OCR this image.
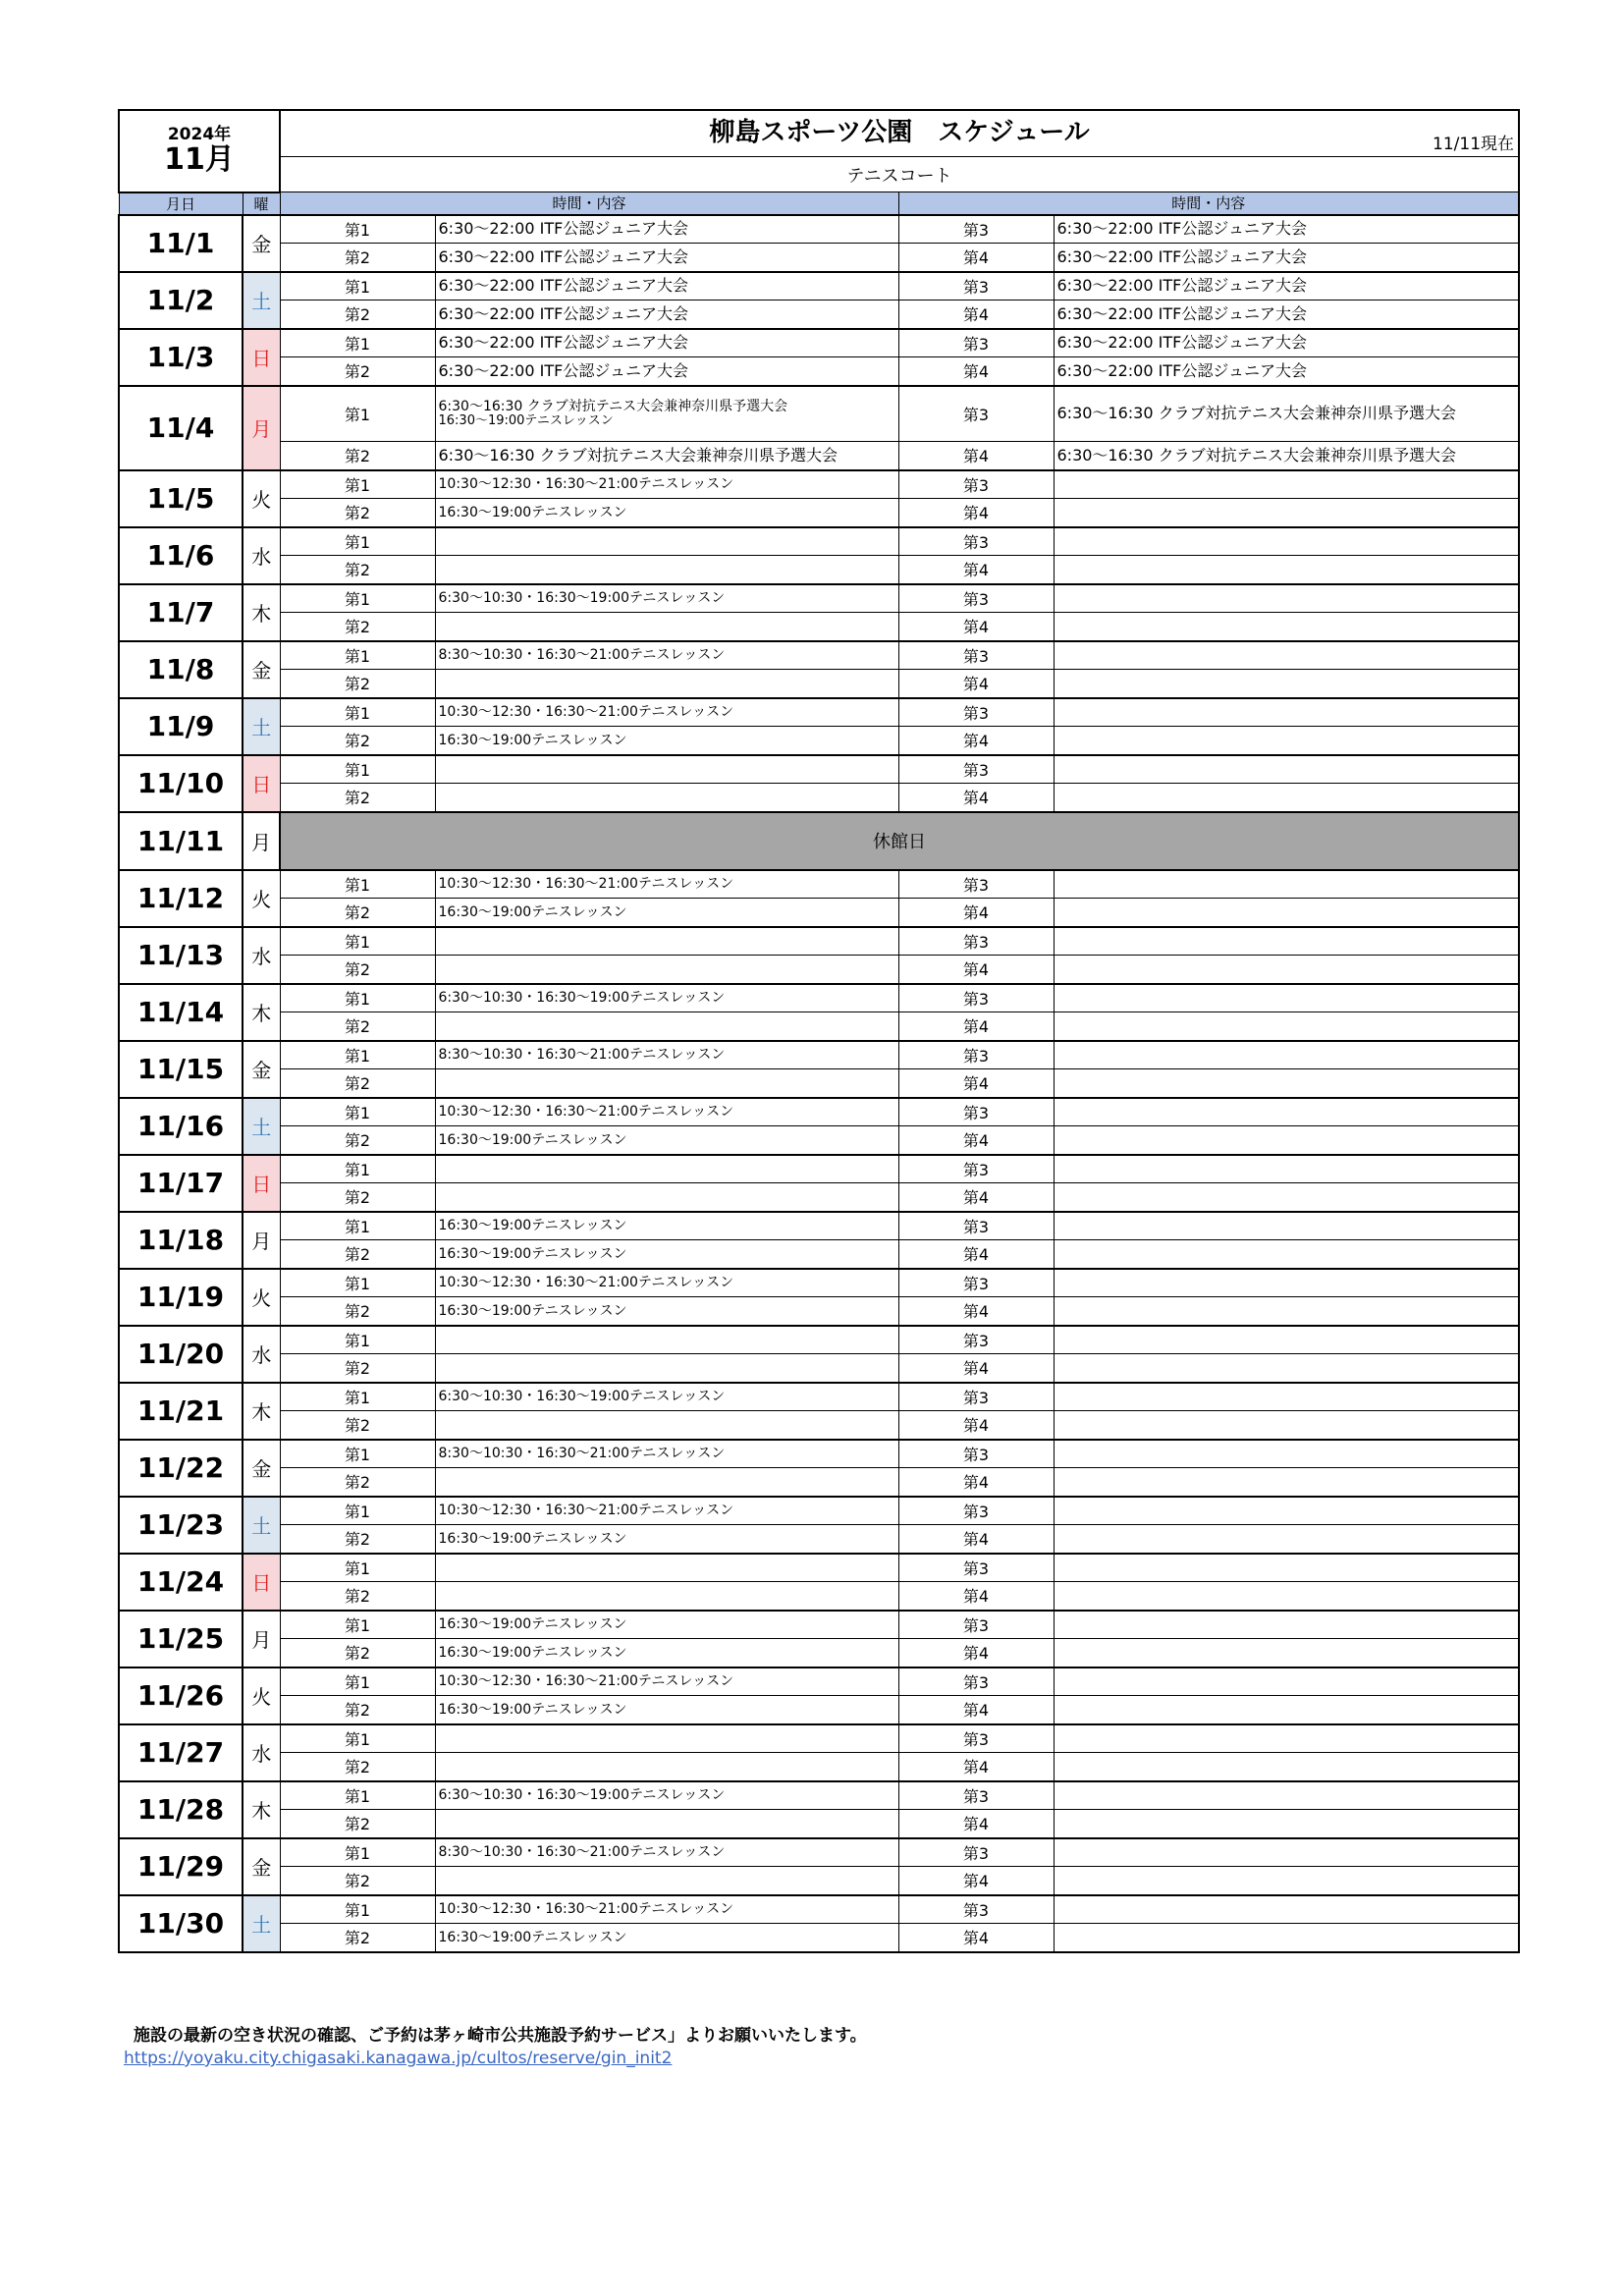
2024年
11月		柳島スポーツ公園　スケジュール 11/11現在			

		テニスコート			
月日	曜	時間・内容		時間・内容	
11/1	金	第1	6:30〜22:00 ITF公認ジュニア大会	第3	6:30〜22:00 ITF公認ジュニア大会
		第2	6:30〜22:00 ITF公認ジュニア大会	第4	6:30〜22:00 ITF公認ジュニア大会
11/2	土	第1	6:30〜22:00 ITF公認ジュニア大会	第3	6:30〜22:00 ITF公認ジュニア大会
		第2	6:30〜22:00 ITF公認ジュニア大会	第4	6:30〜22:00 ITF公認ジュニア大会
11/3	日	第1	6:30〜22:00 ITF公認ジュニア大会	第3	6:30〜22:00 ITF公認ジュニア大会
		第2	6:30〜22:00 ITF公認ジュニア大会	第4	6:30〜22:00 ITF公認ジュニア大会
11/4	月	第1	6:30〜16:30 クラブ対抗テニス大会兼神奈川県予選大会
16:30〜19:00テニスレッスン	第3	6:30〜16:30 クラブ対抗テニス大会兼神奈川県予選大会
		第2	6:30〜16:30 クラブ対抗テニス大会兼神奈川県予選大会	第4	6:30〜16:30 クラブ対抗テニス大会兼神奈川県予選大会
11/5	火	第1	10:30〜12:30・16:30〜21:00テニスレッスン	第3	
		第2	16:30〜19:00テニスレッスン	第4	
11/6	水	第1		第3	
		第2		第4	
11/7	木	第1	6:30〜10:30・16:30〜19:00テニスレッスン	第3	
		第2		第4	
11/8	金	第1	8:30〜10:30・16:30〜21:00テニスレッスン	第3	
		第2		第4	
11/9	土	第1	10:30〜12:30・16:30〜21:00テニスレッスン	第3	
		第2	16:30〜19:00テニスレッスン	第4	
11/10	日	第1		第3	
		第2		第4	
11/11	月	休館日			
11/12	火	第1	10:30〜12:30・16:30〜21:00テニスレッスン	第3	
		第2	16:30〜19:00テニスレッスン	第4	
11/13	水	第1		第3	
		第2		第4	
11/14	木	第1	6:30〜10:30・16:30〜19:00テニスレッスン	第3	
		第2		第4	
11/15	金	第1	8:30〜10:30・16:30〜21:00テニスレッスン	第3	
		第2		第4	
11/16	土	第1	10:30〜12:30・16:30〜21:00テニスレッスン	第3	
		第2	16:30〜19:00テニスレッスン	第4	
11/17	日	第1		第3	
		第2		第4	
11/18	月	第1	16:30〜19:00テニスレッスン	第3	
		第2	16:30〜19:00テニスレッスン	第4	
11/19	火	第1	10:30〜12:30・16:30〜21:00テニスレッスン	第3	
		第2	16:30〜19:00テニスレッスン	第4	
11/20	水	第1		第3	
		第2		第4	
11/21	木	第1	6:30〜10:30・16:30〜19:00テニスレッスン	第3	
		第2		第4	
11/22	金	第1	8:30〜10:30・16:30〜21:00テニスレッスン	第3	
		第2		第4	
11/23	土	第1	10:30〜12:30・16:30〜21:00テニスレッスン	第3	
		第2	16:30〜19:00テニスレッスン	第4	
11/24	日	第1		第3	
		第2		第4	
11/25	月	第1	16:30〜19:00テニスレッスン	第3	
		第2	16:30〜19:00テニスレッスン	第4	
11/26	火	第1	10:30〜12:30・16:30〜21:00テニスレッスン	第3	
		第2	16:30〜19:00テニスレッスン	第4	
11/27	水	第1		第3	
		第2		第4	
11/28	木	第1	6:30〜10:30・16:30〜19:00テニスレッスン	第3	
		第2		第4	
11/29	金	第1	8:30〜10:30・16:30〜21:00テニスレッスン	第3	
		第2		第4	
11/30	土	第1	10:30〜12:30・16:30〜21:00テニスレッスン	第3	
		第2	16:30〜19:00テニスレッスン	第4	
施設の最新の空き状況の確認、ご予約は茅ヶ崎市公共施設予約サービス」よりお願いいたします。
https://yoyaku.city.chigasaki.kanagawa.jp/cultos/reserve/gin_init2
